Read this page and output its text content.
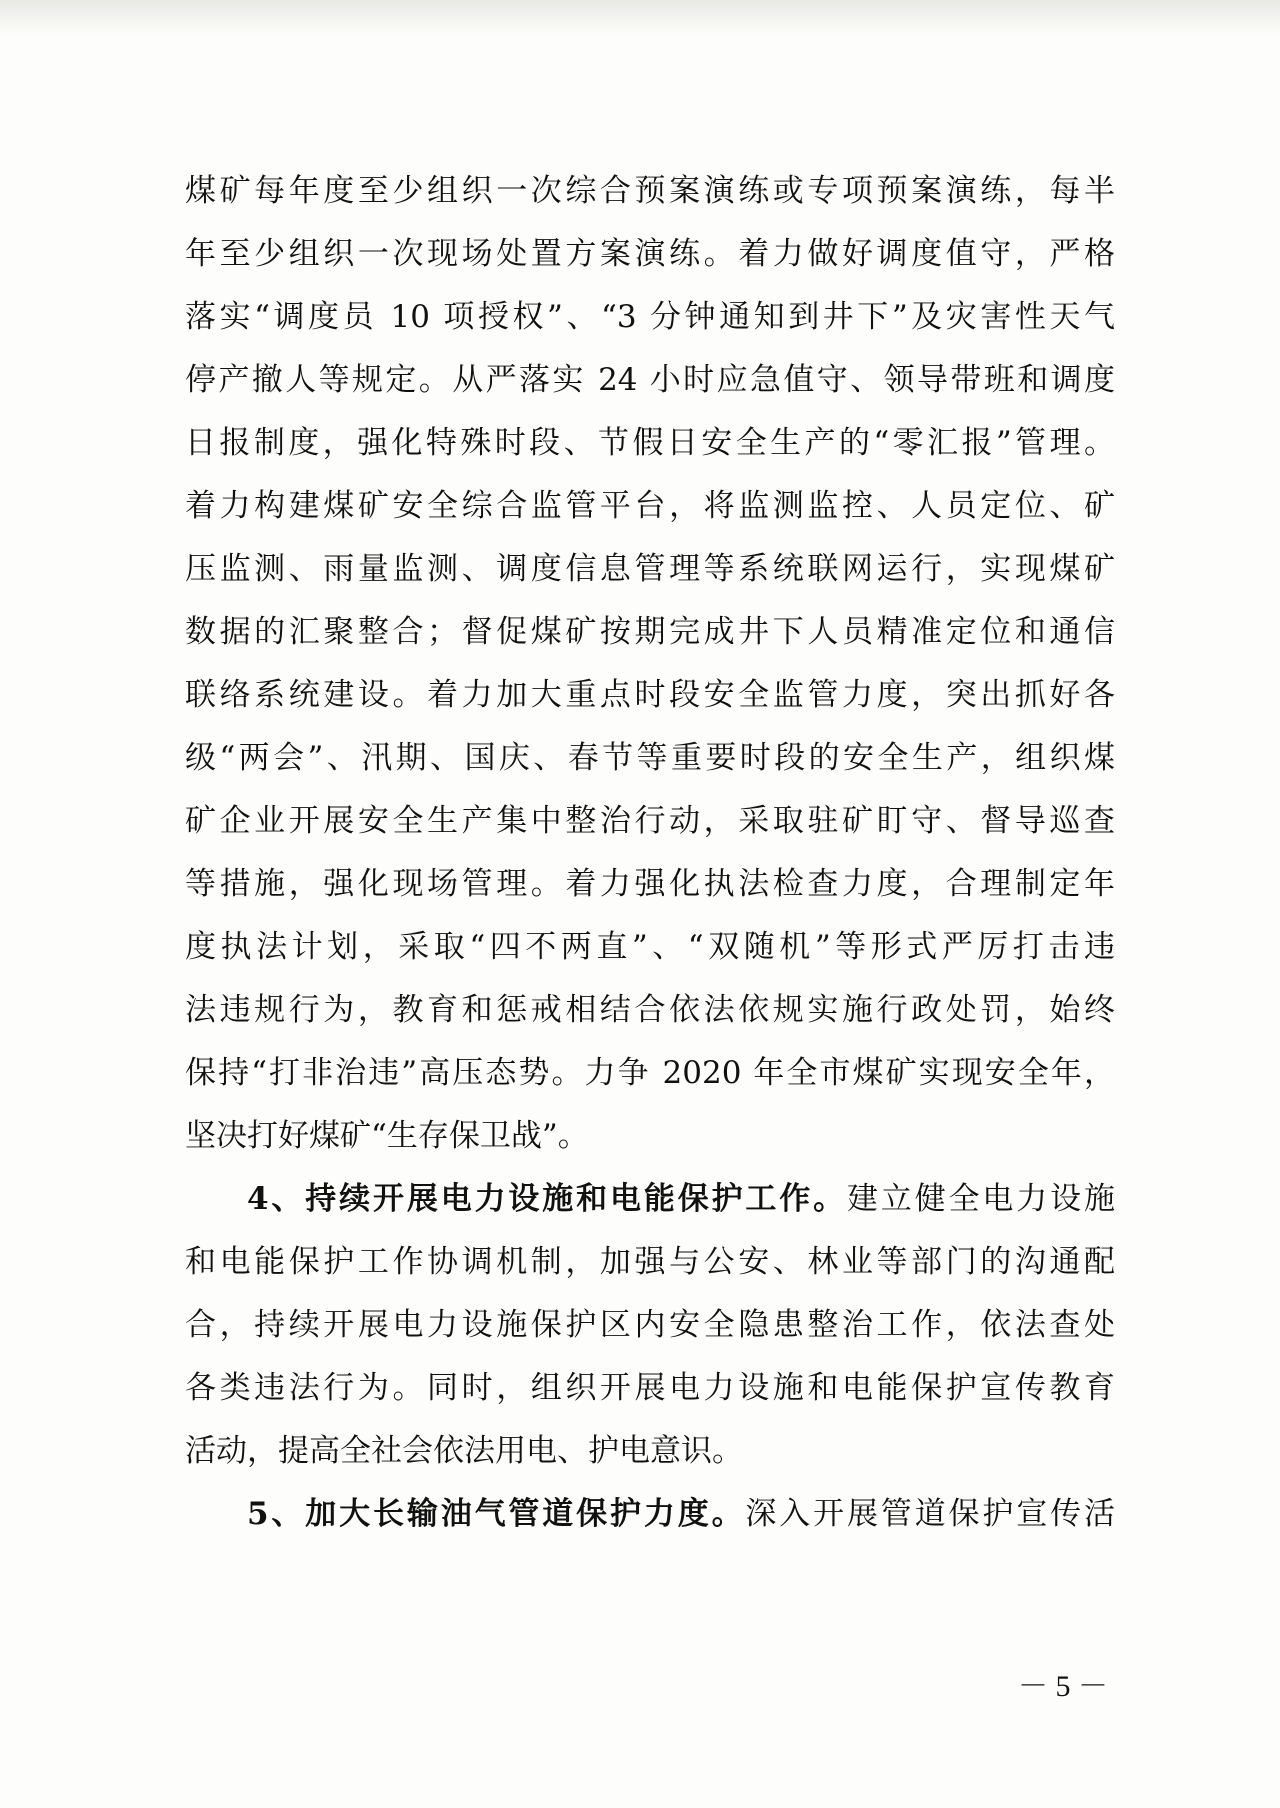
煤矿每年度至少组织一次综合预案演练或专项预案演练，每半
年至少组织一次现场处置方案演练。着力做好调度值守，严格
落实“调度员 10 项授权”、“3 分钟通知到井下”及灾害性天气
停产撤人等规定。从严落实 24 小时应急值守、领导带班和调度
日报制度，强化特殊时段、节假日安全生产的“零汇报”管理。
着力构建煤矿安全综合监管平台，将监测监控、人员定位、矿
压监测、雨量监测、调度信息管理等系统联网运行，实现煤矿
数据的汇聚整合；督促煤矿按期完成井下人员精准定位和通信
联络系统建设。着力加大重点时段安全监管力度，突出抓好各
级“两会”、汛期、国庆、春节等重要时段的安全生产，组织煤
矿企业开展安全生产集中整治行动，采取驻矿盯守、督导巡查
等措施，强化现场管理。着力强化执法检查力度，合理制定年
度执法计划，采取“四不两直”、“双随机”等形式严厉打击违
法违规行为，教育和惩戒相结合依法依规实施行政处罚，始终
保持“打非治违”高压态势。力争 2020 年全市煤矿实现安全年，
坚决打好煤矿“生存保卫战”。
4、持续开展电力设施和电能保护工作。建立健全电力设施
和电能保护工作协调机制，加强与公安、林业等部门的沟通配
合，持续开展电力设施保护区内安全隐患整治工作，依法查处
各类违法行为。同时，组织开展电力设施和电能保护宣传教育
活动，提高全社会依法用电、护电意识。
5、加大长输油气管道保护力度。深入开展管道保护宣传活
－ 5 －
